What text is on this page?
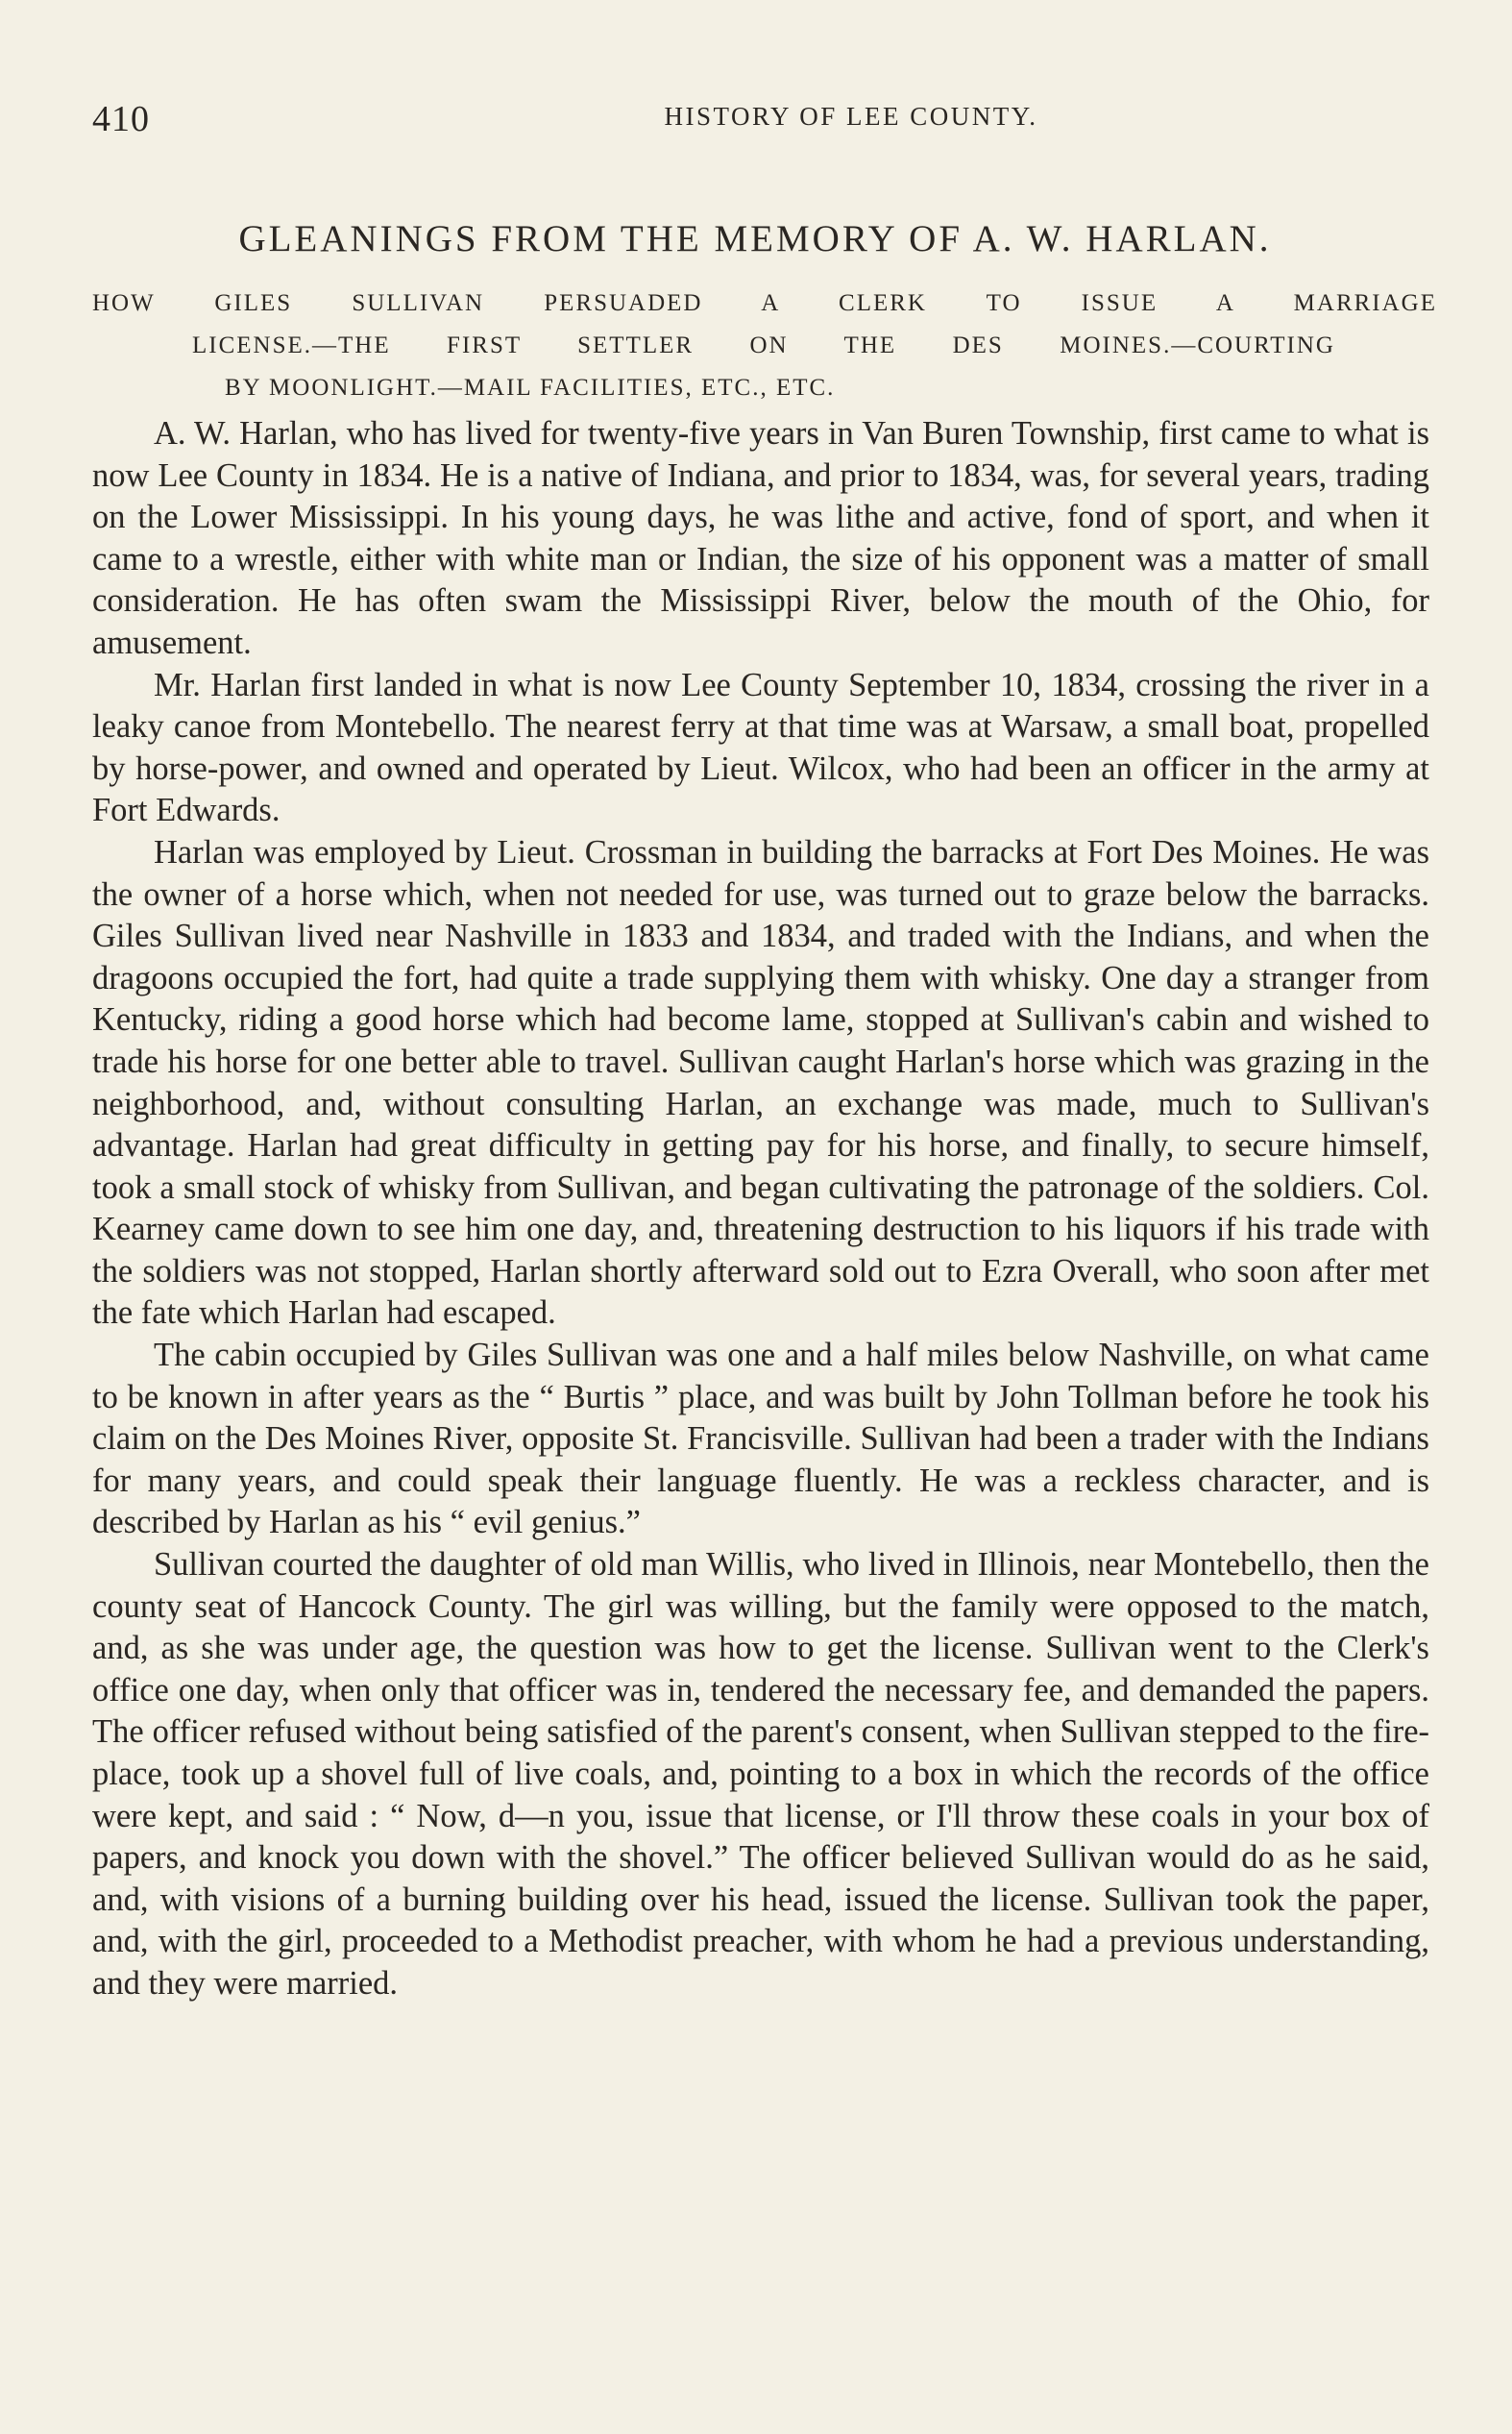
410	HISTORY OF LEE COUNTY.
GLEANINGS FROM THE MEMORY OF A. W. HARLAN.
HOW GILES SULLIVAN PERSUADED A CLERK TO ISSUE A MARRIAGE
LICENSE.—THE FIRST SETTLER ON THE DES MOINES.—COURTING
BY MOONLIGHT.—MAIL FACILITIES, ETC., ETC.

A. W. Harlan, who has lived for twenty-five years in Van Buren Township, first came to what is now Lee County in 1834. He is a native of Indiana, and prior to 1834, was, for several years, trading on the Lower Mississippi. In his young days, he was lithe and active, fond of sport, and when it came to a wrestle, either with white man or Indian, the size of his opponent was a matter of small consideration. He has often swam the Mississippi River, below the mouth of the Ohio, for amusement.

Mr. Harlan first landed in what is now Lee County September 10, 1834, crossing the river in a leaky canoe from Montebello. The nearest ferry at that time was at Warsaw, a small boat, propelled by horse-power, and owned and operated by Lieut. Wilcox, who had been an officer in the army at Fort Edwards.

Harlan was employed by Lieut. Crossman in building the barracks at Fort Des Moines. He was the owner of a horse which, when not needed for use, was turned out to graze below the barracks. Giles Sullivan lived near Nashville in 1833 and 1834, and traded with the Indians, and when the dragoons occupied the fort, had quite a trade supplying them with whisky. One day a stranger from Kentucky, riding a good horse which had become lame, stopped at Sullivan's cabin and wished to trade his horse for one better able to travel. Sullivan caught Harlan's horse which was grazing in the neighborhood, and, without consulting Harlan, an exchange was made, much to Sullivan's advantage. Harlan had great difficulty in getting pay for his horse, and finally, to secure himself, took a small stock of whisky from Sullivan, and began cultivating the patronage of the soldiers. Col. Kearney came down to see him one day, and, threatening destruction to his liquors if his trade with the soldiers was not stopped, Harlan shortly afterward sold out to Ezra Overall, who soon after met the fate which Harlan had escaped.

The cabin occupied by Giles Sullivan was one and a half miles below Nashville, on what came to be known in after years as the “ Burtis ” place, and was built by John Tollman before he took his claim on the Des Moines River, opposite St. Francisville. Sullivan had been a trader with the Indians for many years, and could speak their language fluently. He was a reckless character, and is described by Harlan as his “ evil genius.”

Sullivan courted the daughter of old man Willis, who lived in Illinois, near Montebello, then the county seat of Hancock County. The girl was willing, but the family were opposed to the match, and, as she was under age, the question was how to get the license. Sullivan went to the Clerk's office one day, when only that officer was in, tendered the necessary fee, and demanded the papers. The officer refused without being satisfied of the parent's consent, when Sullivan stepped to the fire-place, took up a shovel full of live coals, and, pointing to a box in which the records of the office were kept, and said : “ Now, d—n you, issue that license, or I'll throw these coals in your box of papers, and knock you down with the shovel.” The officer believed Sullivan would do as he said, and, with visions of a burning building over his head, issued the license. Sullivan took the paper, and, with the girl, proceeded to a Methodist preacher, with whom he had a previous understanding, and they were married.
